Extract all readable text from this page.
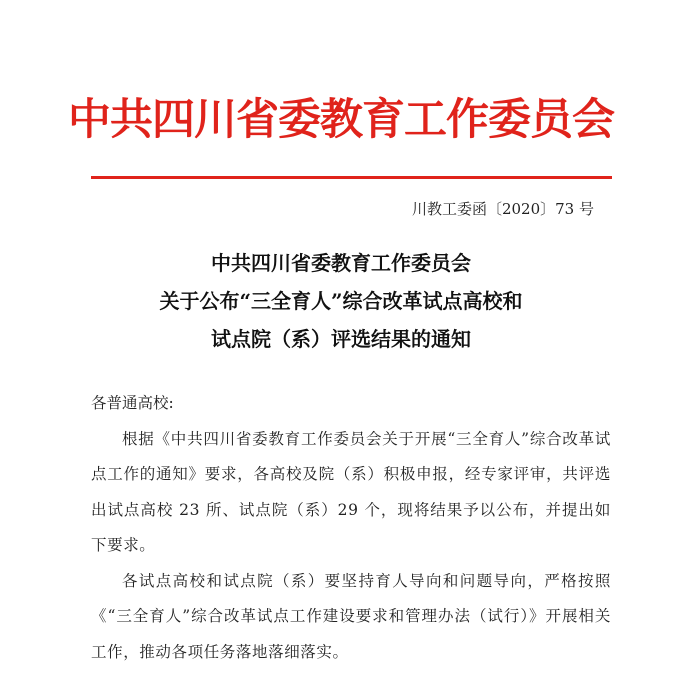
中共四川省委教育工作委员会
川教工委函〔2020〕73 号
中共四川省委教育工作委员会
关于公布“三全育人”综合改革试点高校和
试点院（系）评选结果的通知

各普通高校:

根据《中共四川省委教育工作委员会关于开展“三全育人”综合改革试点工作的通知》要求，各高校及院（系）积极申报，经专家评审，共评选出试点高校 23 所、试点院（系）29 个，现将结果予以公布，并提出如下要求。

各试点高校和试点院（系）要坚持育人导向和问题导向，严格按照《“三全育人”综合改革试点工作建设要求和管理办法（试行）》开展相关工作，推动各项任务落地落细落实。
